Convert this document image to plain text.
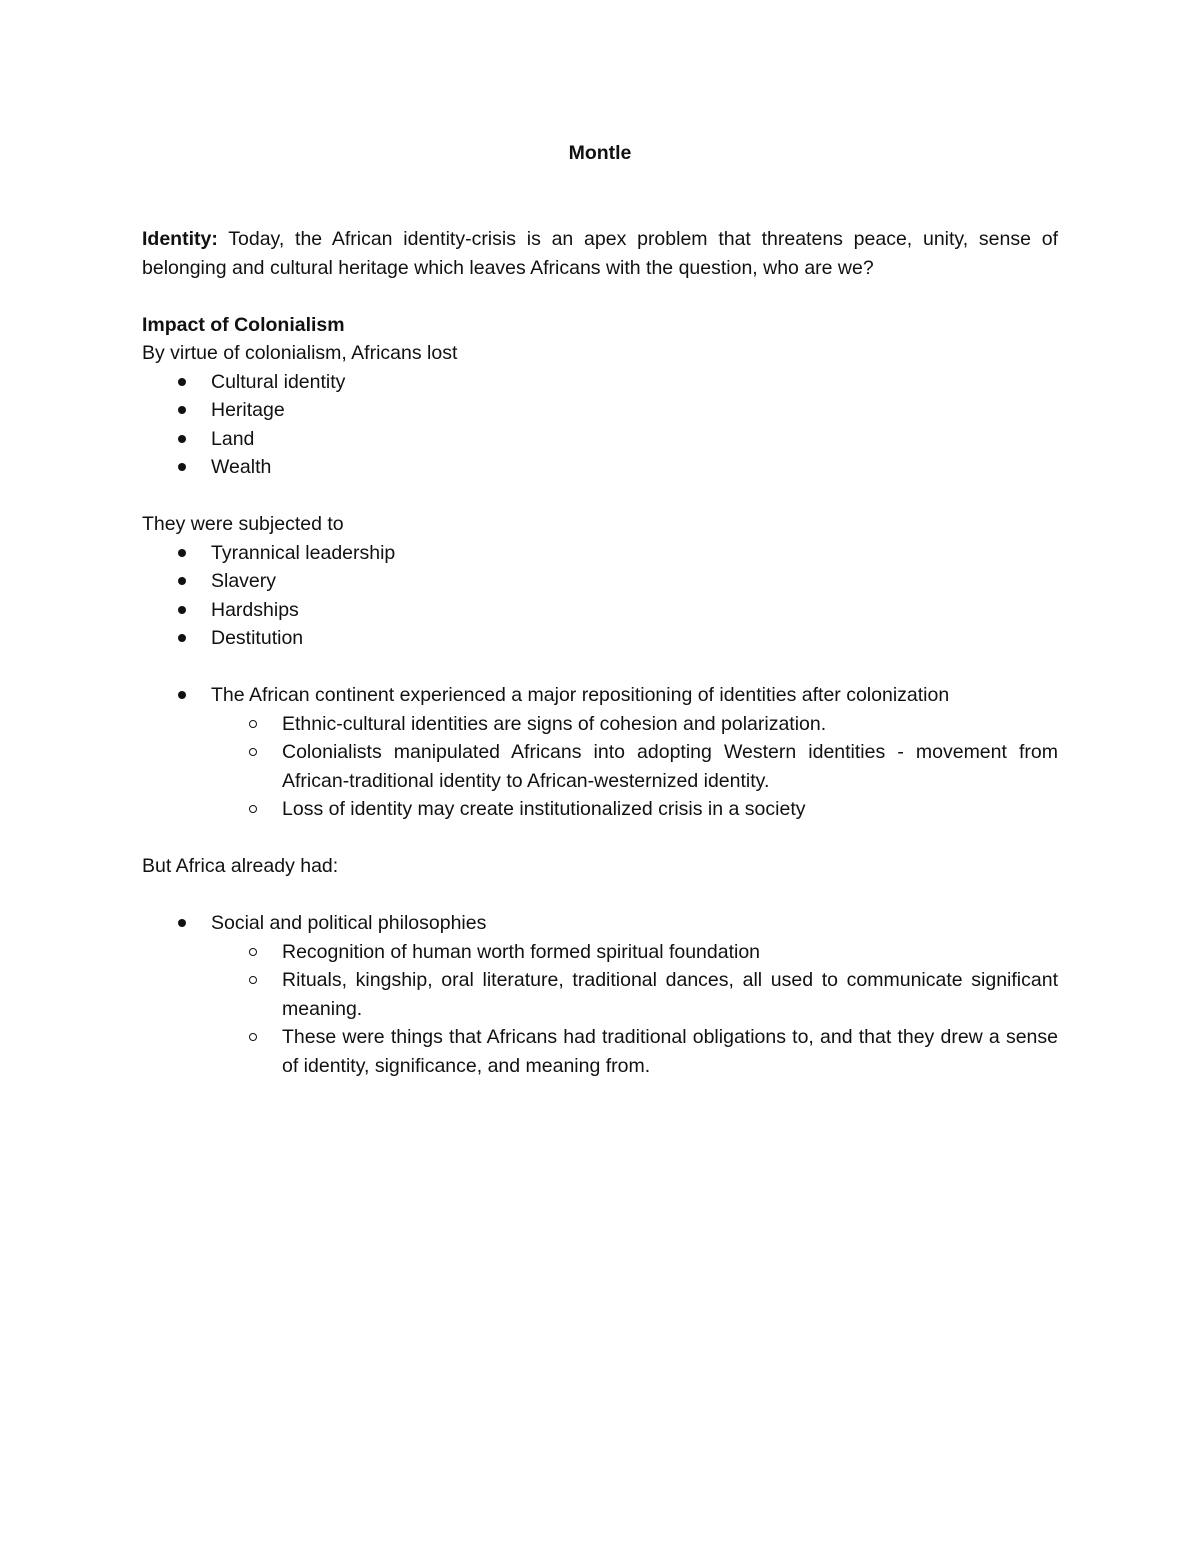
Montle

Identity: Today, the African identity-crisis is an apex problem that threatens peace, unity, sense of belonging and cultural heritage which leaves Africans with the question, who are we?

Impact of Colonialism

By virtue of colonialism, Africans lost

Cultural identity
Heritage
Land
Wealth

They were subjected to

Tyrannical leadership
Slavery
Hardships
Destitution
The African continent experienced a major repositioning of identities after colonization
Ethnic-cultural identities are signs of cohesion and polarization.
Colonialists manipulated Africans into adopting Western identities - movement from African-traditional identity to African-westernized identity.
Loss of identity may create institutionalized crisis in a society

But Africa already had:

Social and political philosophies
Recognition of human worth formed spiritual foundation
Rituals, kingship, oral literature, traditional dances, all used to communicate significant meaning.
These were things that Africans had traditional obligations to, and that they drew a sense of identity, significance, and meaning from.
